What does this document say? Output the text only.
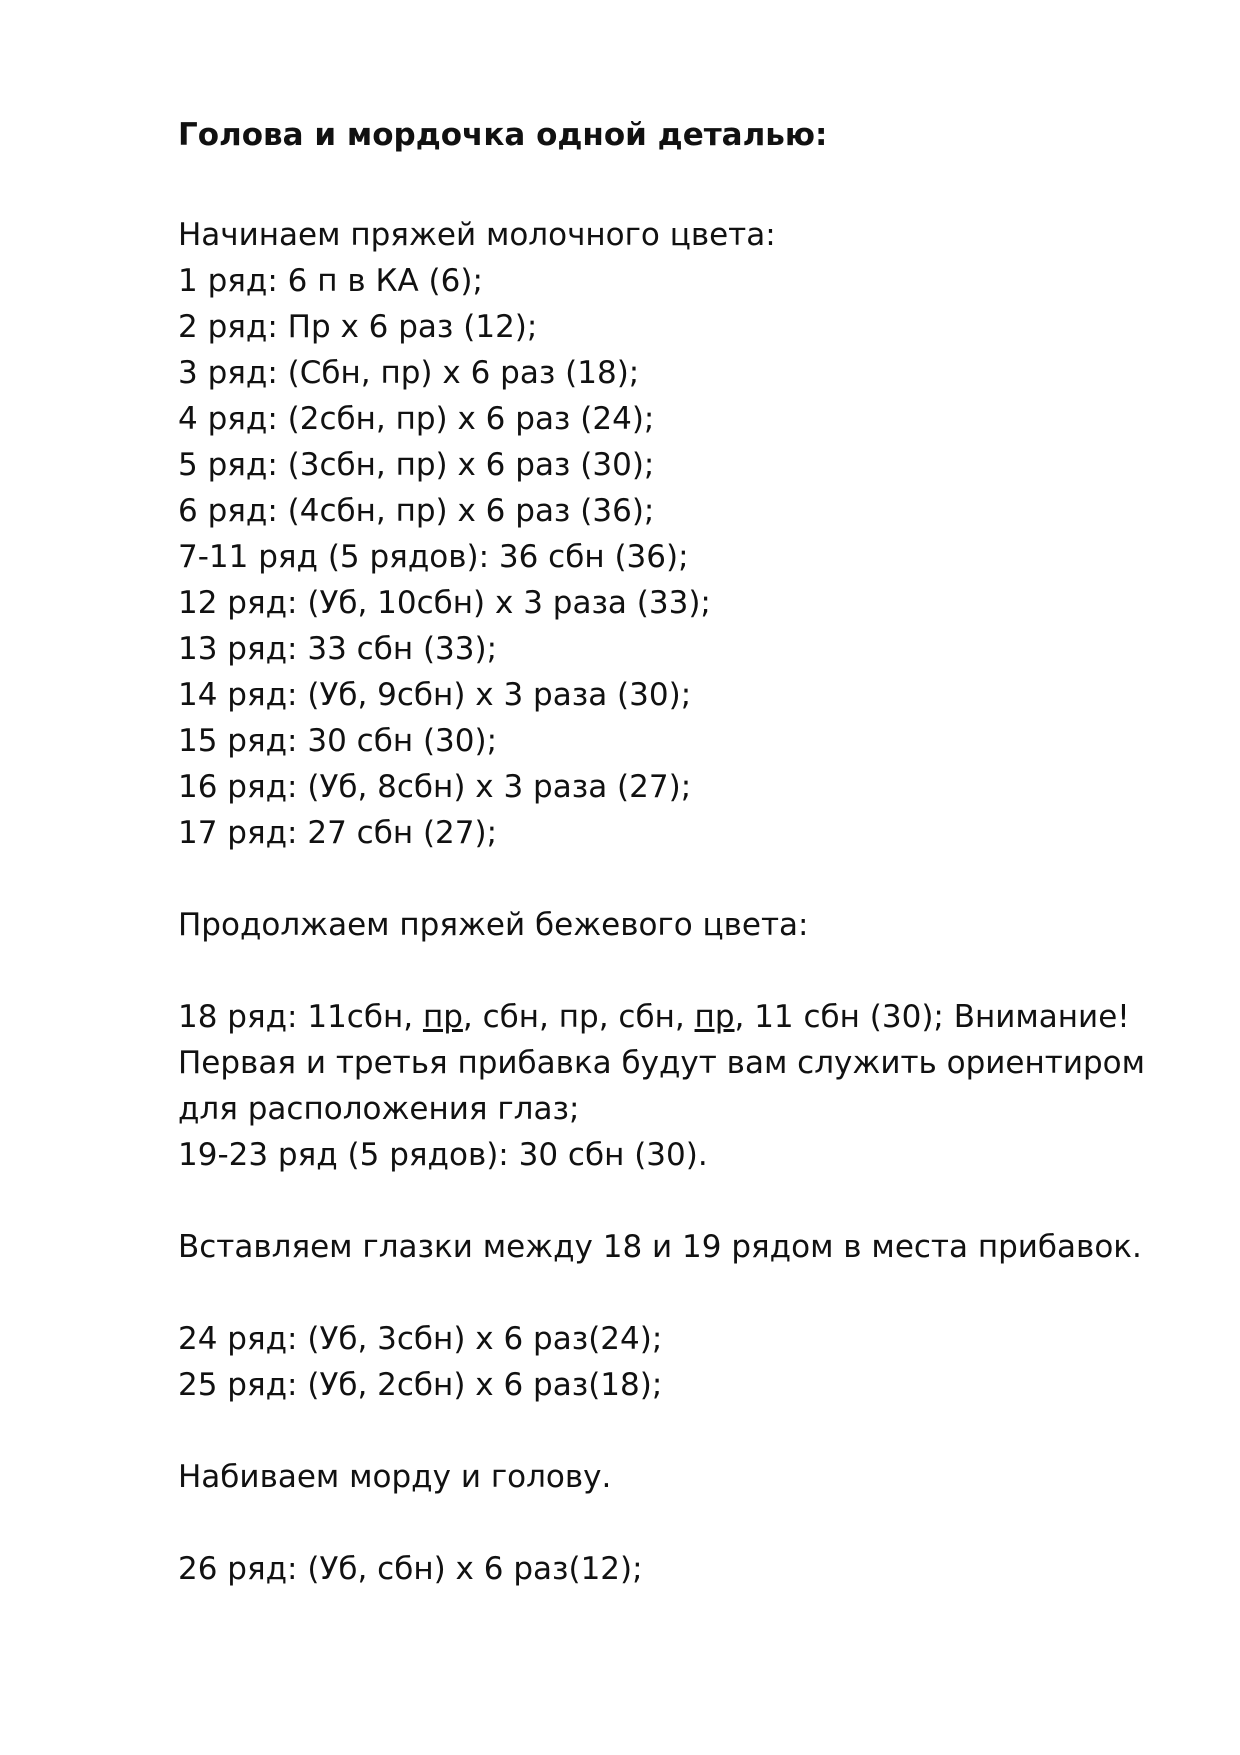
Голова и мордочка одной деталью:
Начинаем пряжей молочного цвета:
1 ряд: 6 п в КА (6);
2 ряд: Пр х 6 раз (12);
3 ряд: (Сбн, пр) х 6 раз (18);
4 ряд: (2сбн, пр) х 6 раз (24);
5 ряд: (3сбн, пр) х 6 раз (30);
6 ряд: (4сбн, пр) х 6 раз (36);
7-11 ряд (5 рядов): 36 сбн (36);
12 ряд: (Уб, 10сбн) х 3 раза (33);
13 ряд: 33 сбн (33);
14 ряд: (Уб, 9сбн) х 3 раза (30);
15 ряд: 30 сбн (30);
16 ряд: (Уб, 8сбн) х 3 раза (27);
17 ряд: 27 сбн (27);
Продолжаем пряжей бежевого цвета:
18 ряд: 11сбн, пр, сбн, пр, сбн, пр, 11 сбн (30); Внимание!
Первая и третья прибавка будут вам служить ориентиром
для расположения глаз;
19-23 ряд (5 рядов): 30 сбн (30).
Вставляем глазки между 18 и 19 рядом в места прибавок.
24 ряд: (Уб, 3сбн) х 6 раз(24);
25 ряд: (Уб, 2сбн) х 6 раз(18);
Набиваем морду и голову.
26 ряд: (Уб, сбн) х 6 раз(12);
